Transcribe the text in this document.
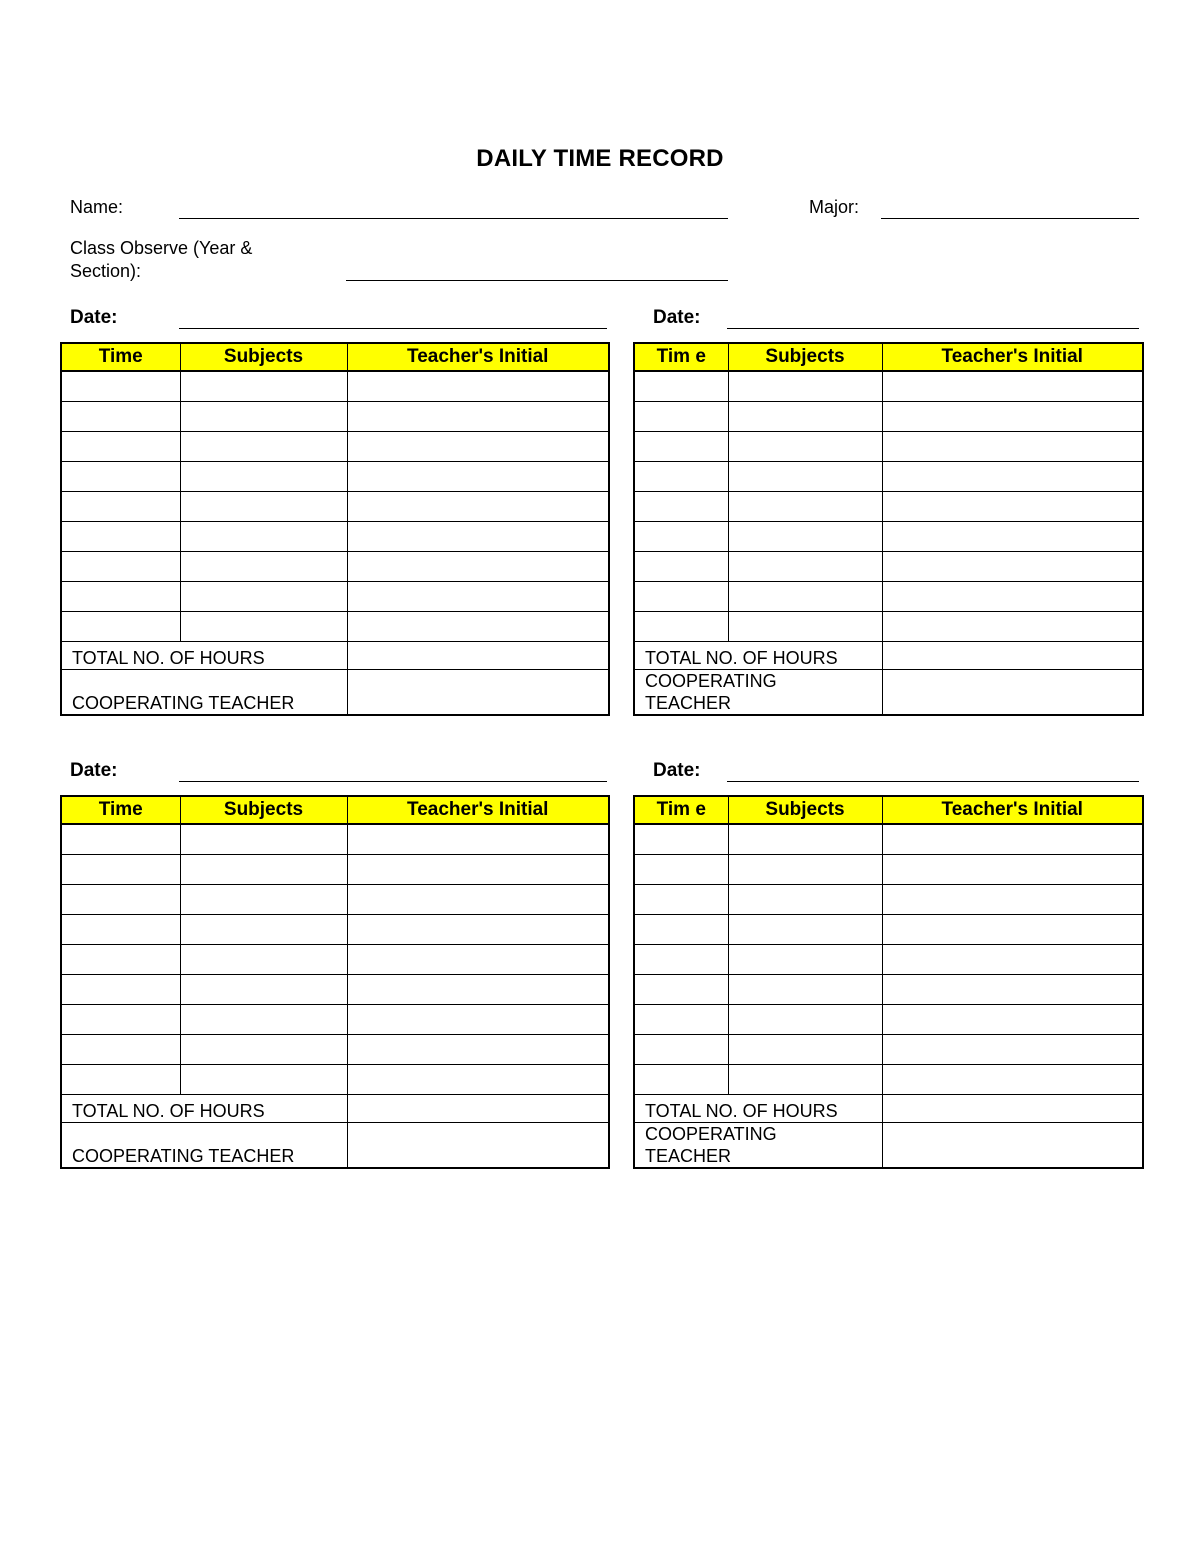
DAILY TIME RECORD
Name:	Major:
Class Observe (Year &
Section):
Date:	Date:
Date:	Date:
Time	Subjects	Teacher's Initial

TOTAL NO. OF HOURS		
COOPERATING TEACHER		
Tim e	Subjects	Teacher's Initial

TOTAL NO. OF HOURS		
COOPERATING TEACHER		
Time	Subjects	Teacher's Initial

TOTAL NO. OF HOURS		
COOPERATING TEACHER		
Tim e	Subjects	Teacher's Initial

TOTAL NO. OF HOURS		
COOPERATING TEACHER		
